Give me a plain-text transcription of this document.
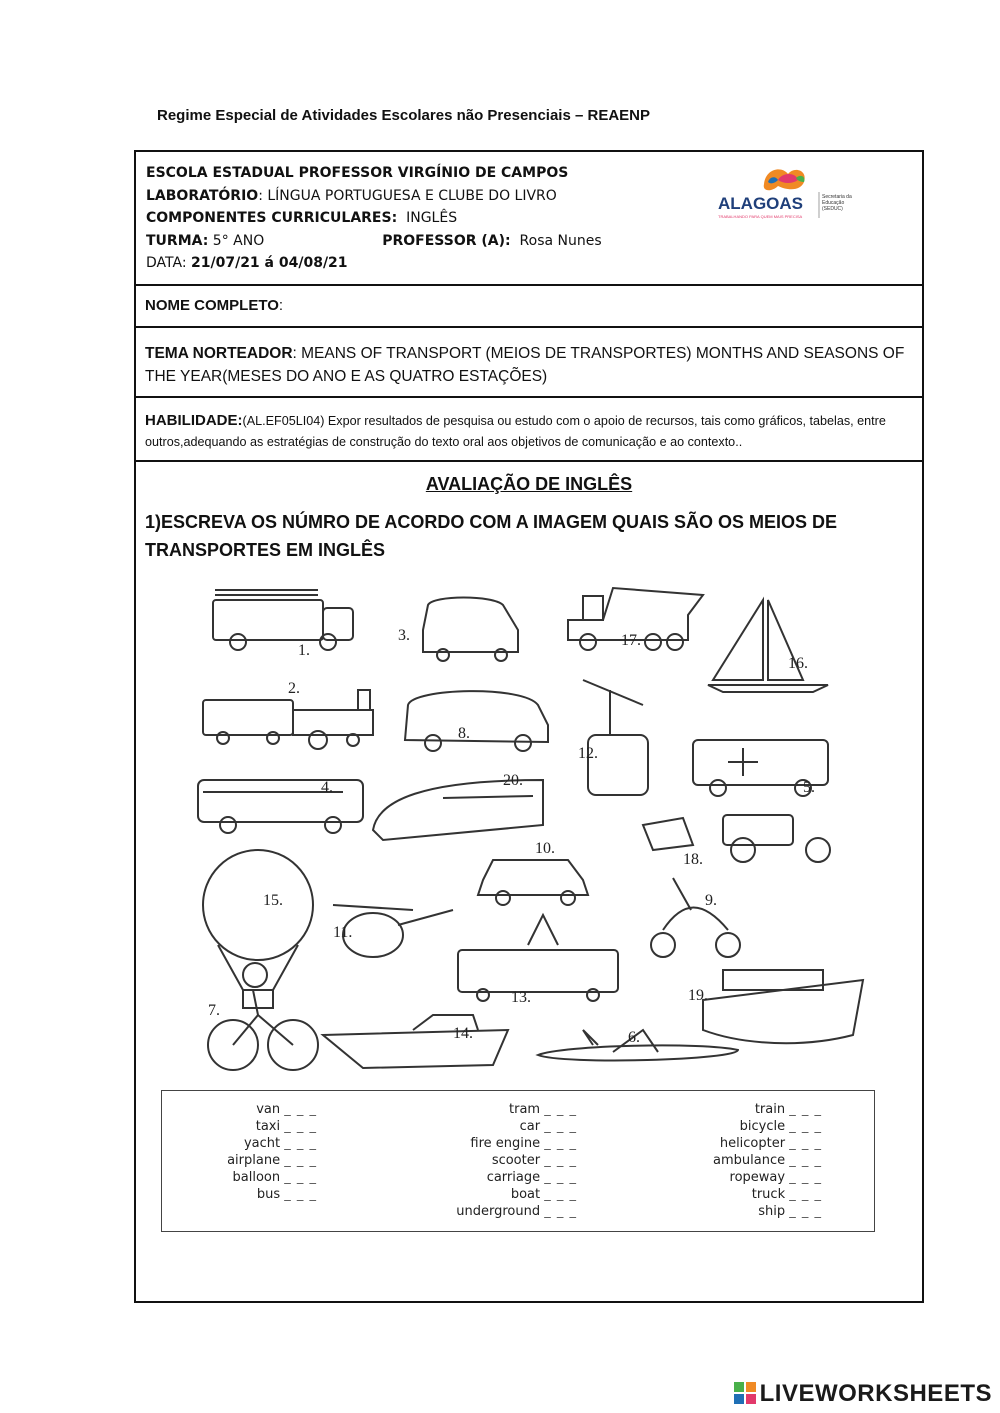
Regime Especial de Atividades Escolares não Presenciais – REAENP
ESCOLA ESTADUAL PROFESSOR VIRGÍNIO DE CAMPOS
LABORATÓRIO: LÍNGUA PORTUGUESA E CLUBE DO LIVRO
COMPONENTES CURRICULARES: INGLÊS
TURMA: 5° ANO	PROFESSOR (A): Rosa Nunes
DATA: 21/07/21 á 04/08/21
ALAGOAS
TRABALHANDO PARA QUEM MAIS PRECISA
Secretaria da Educação (SEDUC)
NOME COMPLETO:
TEMA NORTEADOR: MEANS OF TRANSPORT (MEIOS DE TRANSPORTES) MONTHS AND SEASONS OF THE YEAR(MESES DO ANO E AS QUATRO ESTAÇÕES)
HABILIDADE:(AL.EF05LI04) Expor resultados de pesquisa ou estudo com o apoio de recursos, tais como gráficos, tabelas, entre outros,adequando as estratégias de construção do texto oral aos objetivos de comunicação e ao contexto..
AVALIAÇÃO DE INGLÊS
1)ESCREVA OS NÚMRO DE ACORDO COM A IMAGEM QUAIS SÃO OS MEIOS DE TRANSPORTES EM INGLÊS
1.
2.
3.
4.	5.
6.
7.
8.
9.
10.
11.
12.
13.
14.
15.
16.
17.
18.
19.
20.
van _ _ _
taxi _ _ _
yacht _ _ _
airplane _ _ _
balloon _ _ _
bus _ _ _
tram _ _ _
car _ _ _
fire engine _ _ _
scooter _ _ _
carriage _ _ _
boat _ _ _
underground _ _ _
train _ _ _
bicycle _ _ _
helicopter _ _ _
ambulance _ _ _
ropeway _ _ _
truck _ _ _
ship _ _ _
LIVEWORKSHEETS
